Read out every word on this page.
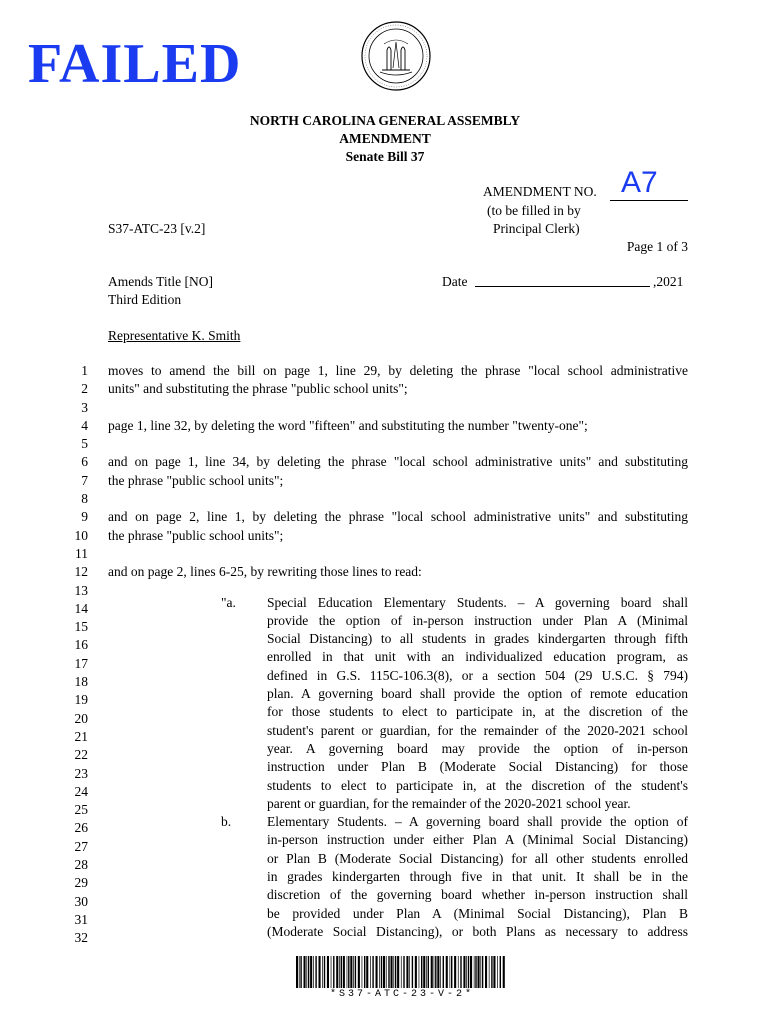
FAILED
NORTH CAROLINA GENERAL ASSEMBLY
AMENDMENT
Senate Bill 37
AMENDMENT NO. A7
(to be filled in by
Principal Clerk)
Page 1 of 3
S37-ATC-23 [v.2]
Amends Title [NO]
Third Edition
Date	,2021
Representative K. Smith
1
2
3
4
5
6
7
8
9
10
11
12
13
14
15
16
17
18
19
20
21
22
23
24
25
26
27
28
29
30
31
32
moves to amend the bill on page 1, line 29, by deleting the phrase "local school administrative
units" and substituting the phrase "public school units";
page 1, line 32, by deleting the word "fifteen" and substituting the number "twenty-one";
and on page 1, line 34, by deleting the phrase "local school administrative units" and substituting
the phrase "public school units";
and on page 2, line 1, by deleting the phrase "local school administrative units" and substituting
the phrase "public school units";
and on page 2, lines 6-25, by rewriting those lines to read:
"a.
b.
Special Education Elementary Students. – A governing board shall
provide the option of in-person instruction under Plan A (Minimal
Social Distancing) to all students in grades kindergarten through fifth
enrolled in that unit with an individualized education program, as
defined in G.S. 115C-106.3(8), or a section 504 (29 U.S.C. § 794)
plan. A governing board shall provide the option of remote education
for those students to elect to participate in, at the discretion of the
student's parent or guardian, for the remainder of the 2020-2021 school
year. A governing board may provide the option of in-person
instruction under Plan B (Moderate Social Distancing) for those
students to elect to participate in, at the discretion of the student's
parent or guardian, for the remainder of the 2020-2021 school year.
Elementary Students. – A governing board shall provide the option of
in-person instruction under either Plan A (Minimal Social Distancing)
or Plan B (Moderate Social Distancing) for all other students enrolled
in grades kindergarten through five in that unit. It shall be in the
discretion of the governing board whether in-person instruction shall
be provided under Plan A (Minimal Social Distancing), Plan B
(Moderate Social Distancing), or both Plans as necessary to address
*S37-ATC-23-V-2*
